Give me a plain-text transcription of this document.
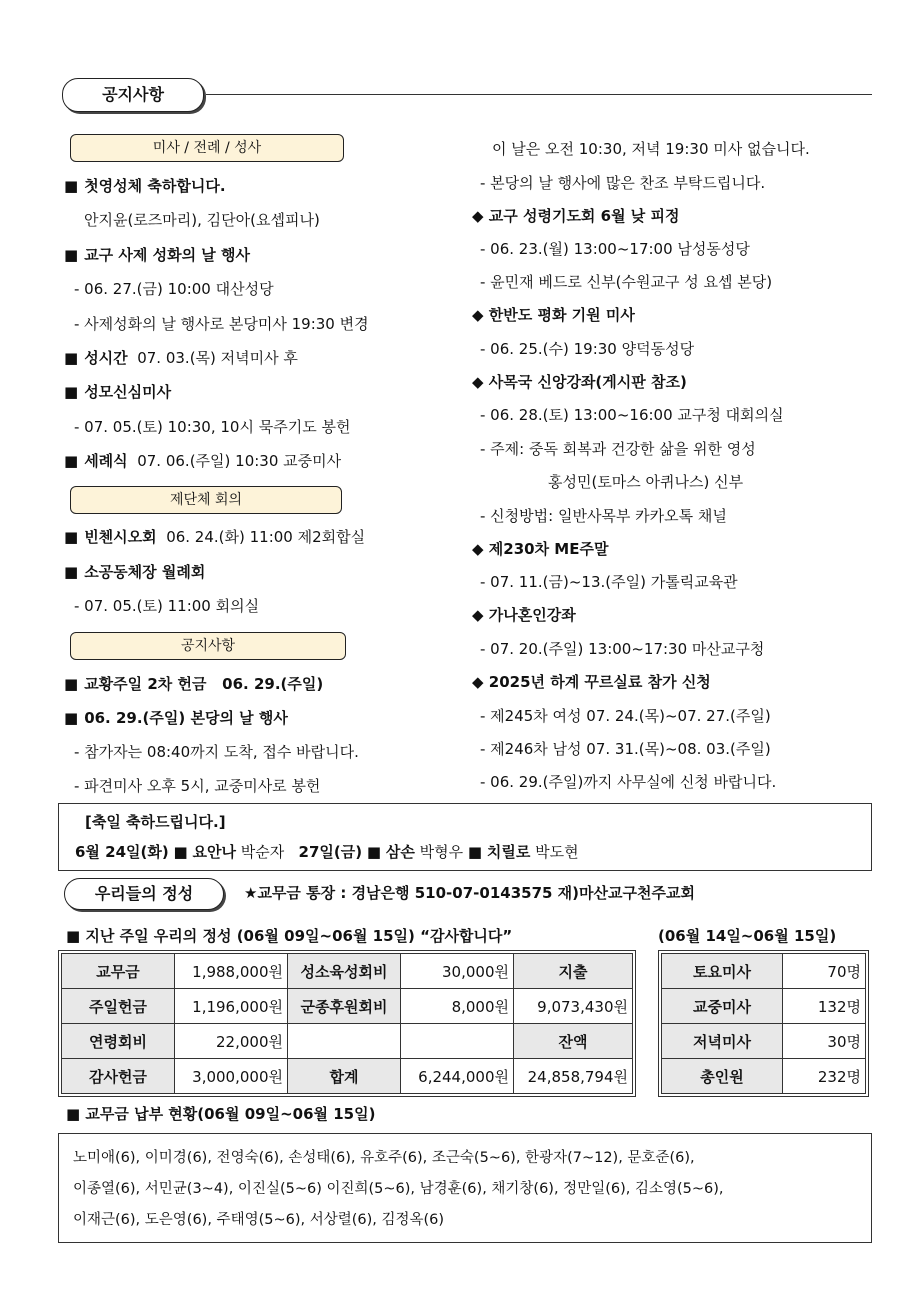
공지사항
미사 / 전례 / 성사
■ 첫영성체 축하합니다.
안지윤(로즈마리), 김단아(요셉피나)
■ 교구 사제 성화의 날 행사
- 06. 27.(금) 10:00 대산성당
- 사제성화의 날 행사로 본당미사 19:30 변경
■ 성시간 07. 03.(목) 저녁미사 후
■ 성모신심미사
- 07. 05.(토) 10:30, 10시 묵주기도 봉헌
■ 세례식 07. 06.(주일) 10:30 교중미사
제단체 회의
■ 빈첸시오회 06. 24.(화) 11:00 제2회합실
■ 소공동체장 월례회
- 07. 05.(토) 11:00 회의실
공지사항
■ 교황주일 2차 헌금   06. 29.(주일)
■ 06. 29.(주일) 본당의 날 행사
- 참가자는 08:40까지 도착, 접수 바랍니다.
- 파견미사 오후 5시, 교중미사로 봉헌
이 날은 오전 10:30, 저녁 19:30 미사 없습니다.
- 본당의 날 행사에 많은 찬조 부탁드립니다.
◆ 교구 성령기도회 6월 낮 피정
- 06. 23.(월) 13:00~17:00 남성동성당
- 윤민재 베드로 신부(수원교구 성 요셉 본당)
◆ 한반도 평화 기원 미사
- 06. 25.(수) 19:30 양덕동성당
◆ 사목국 신앙강좌(게시판 참조)
- 06. 28.(토) 13:00~16:00 교구청 대회의실
- 주제: 중독 회복과 건강한 삶을 위한 영성
홍성민(토마스 아퀴나스) 신부
- 신청방법: 일반사목부 카카오톡 채널
◆ 제230차 ME주말
- 07. 11.(금)~13.(주일) 가톨릭교육관
◆ 가나혼인강좌
- 07. 20.(주일) 13:00~17:30 마산교구청
◆ 2025년 하계 꾸르실료 참가 신청
- 제245차 여성 07. 24.(목)~07. 27.(주일)
- 제246차 남성 07. 31.(목)~08. 03.(주일)
- 06. 29.(주일)까지 사무실에 신청 바랍니다.
[축일 축하드립니다.]
6월 24일(화) ■ 요안나 박순자 27일(금) ■ 삼손 박형우 ■ 치릴로 박도현
우리들의 정성	★교무금 통장 : 경남은행 510-07-0143575 재)마산교구천주교회
■ 지난 주일 우리의 정성 (06월 09일~06월 15일) “감사합니다”	(06월 14일~06월 15일)
교무금	1,988,000원	성소육성회비	30,000원	지출
주일헌금	1,196,000원	군종후원회비	8,000원	9,073,430원
연령회비	22,000원			잔액
감사헌금	3,000,000원	합계	6,244,000원	24,858,794원
토요미사	70명
교중미사	132명
저녁미사	30명
총인원	232명
■ 교무금 납부 현황(06월 09일~06월 15일)
노미애(6), 이미경(6), 전영숙(6), 손성태(6), 유호주(6), 조근숙(5~6), 한광자(7~12), 문호준(6),
이종열(6), 서민균(3~4), 이진실(5~6) 이진희(5~6), 남경훈(6), 채기창(6), 정만일(6), 김소영(5~6),
이재근(6), 도은영(6), 주태영(5~6), 서상렬(6), 김정옥(6)
